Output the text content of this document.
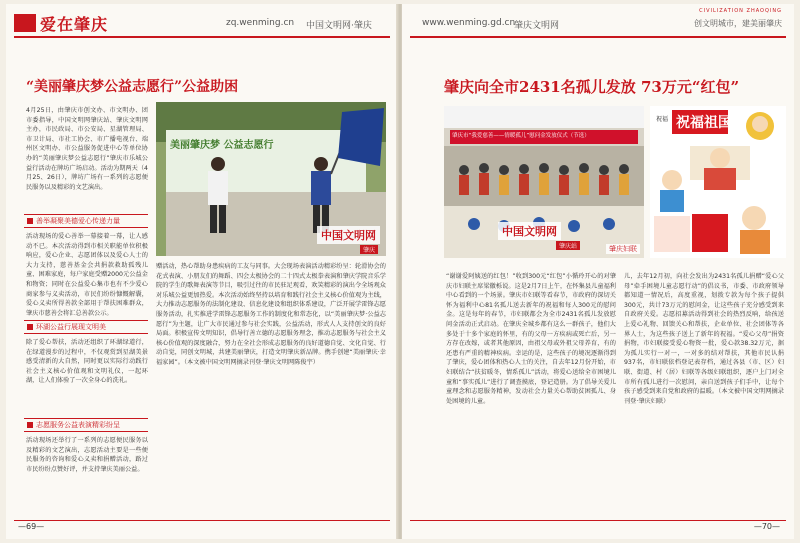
爱在肇庆	zq.wenming.cn 中国文明网·肇庆
“美丽肇庆梦公益志愿行”公益助困
4月25日，由肇庆市创文办、市文明办、团市委指导，中国文明网肇庆站、肇庆文明网主办，市民政局、市公安局、星湖管理局、市卫计局、市社工协会、市广播电视台、端州区文明办、市公益服务促进中心等单位协办的“美丽肇庆梦公益志愿行”肇庆市乐城公益行活动在牌坊广场启动。活动为期两天（4月25、26日），牌坊广场有一系列的志愿便民服务以及精彩的文艺演出。
善举凝聚美德爱心传递力量
活动现场的爱心善举一幕接着一幕，让人感动不已。本次活动得到市相关职能单位积极响应，爱心企业、志愿团体以及爱心人士的大力支持，慈善基金会共捐款救助孤残儿童、困难家庭，每户家庭受赠2000元公益金和物资；同时在公益爱心集市也有不少爱心商家参与义卖活动，市民们纷纷慷慨解囊，爱心义卖所得善款全部用于帮扶困难群众，肇庆市慈善会将汇总善款公示。
环湖公益行展现文明美
除了爱心帮扶，活动还组织了环湖绿道行，在绿道漫步的过程中，不仅观赏到星湖美景感受清新的大自然，同时更以实际行动践行社会主义核心价值观和文明礼仪，一起环湖，让人们体验了一次全身心的洗礼。
志愿服务公益表演精彩纷呈
活动现场还举行了一系列的志愿便民服务以及精彩的文艺演出，志愿活动主要是一些便民服务的咨询和爱心义卖和捐赠活动，路过市民纷纷点赞好评，并支持肇庆美丽公益。
美丽肇庆梦 公益志愿行
中国文明网
肇庆
赠活动，热心帮助身患疾病的工友与同事。大会现场表演活动精彩纷呈：轮滑协会的花式表演、小朋友们的舞蹈、四会太极协会的二十四式太极拳表演和肇庆学院音乐学院的学生的歌舞表演等节目，吸引过往的市民驻足观看，欢笑精彩的演出令全场观众对乐城公益更加热爱。本次活动始终坚持以培育和践行社会主义核心价值观为主线，大力推动志愿服务的法制化建设、信息化建设和组织体系建设，广泛开展学雷锋志愿服务活动，扎实推进学雷锋志愿服务工作的制度化和常态化，以“美丽肇庆梦·公益志愿行”为主题，让广大市民通过参与社会实践，公益活动，形式人人支持创文的良好局面。积极宣传文明知识，倡导行善立德的志愿服务理念，推动志愿服务与社会主义核心价值观的深度融合，努力在全社会形成志愿服务的良好道德自觉、文化自觉、行动自觉，同创文明城，共建美丽肇庆，打造文明肇庆新品牌。携手创建“美丽肇庆·幸福家园”。（本文被中国文明网摘录刊登·肇庆文明网陈俊宇）
—69—
www.wenming.gd.cn
肇庆文明网
CIVILIZATION ZHAOQING
创文明城市，建美丽肇庆
肇庆向全市2431名孤儿发放 73万元“红包”
肇庆市“我爱慈善——情暖孤儿”慰问金发放仪式（节选）
中国文明网
肇庆站	肇庆妇联
祝福 祝福祖国
“谢谢爱阿姨送的红包！”收到300元“红包”小循玲开心的对肇庆市妇联主席梁徽栎说。这是2月7日上午，在怀集县儿童福利中心看到的一个场景。肇庆市妇联等看春节，市政府的深切关怀为福利中心81名孤儿送去新年的祝福和每人300元的慰问金。这是每年的春节，市妇联都会为全市2431名孤儿发放慰问金活动正式启动。在肇庆全城乡都有这么一群孩子，他们大多处于十多个家庭的怀里，有的父母一方疾病或死亡后，另一方存在改嫁，或者其他原因，由祖父母或外祖父母养育，有的还患有严重的精神疾病。幸运的是，这些孩子的境况逐渐得到了肇庆，爱心团体和热心人士的关注，自去年12月份开始，市妇联结合“扶贫暖冬，情系孤儿”活动，将爱心送给全市困境儿童和“事实孤儿”进行了调查摸底，登记造册。为了倡导关爱儿童理念和志愿服务精神，发动社会力量关心帮助贫困孤儿、身处困境的儿童。
儿，去年12月初，向社会发出为2431名孤儿捐赠“爱心父母”牵手困境儿童志愿行动”的倡议书，市委、市政府领导都知道一情况后，高度重视，划拨专款为每个孩子提供300元，共计73万元的慰问金，让这些孩子充分感受到来自政府关爱。志愿招募活动得到社会的热烈反响，给孩送上爱心礼物、回馈关心和帮扶，企业单位、社会团体等各界人士，为这些孩子送上了新年的祝福。“爱心父母”捐资捐物，市妇联接受爱心物资一批，爱心款38.32万元，据为孤儿实行一对一，一对多的结对帮扶，其他市民认捐937名，市妇联依档登记表存档，通过各县（市、区）妇联、街道、村（居）妇联等各级妇联组织，逐户上门对全市所有孤儿进行一次慰问，亲自送到孩子们手中，让每个孩子感受到来自党和政府的温暖。（本文被中国文明网摘录刊登·肇庆妇联）
—70—
